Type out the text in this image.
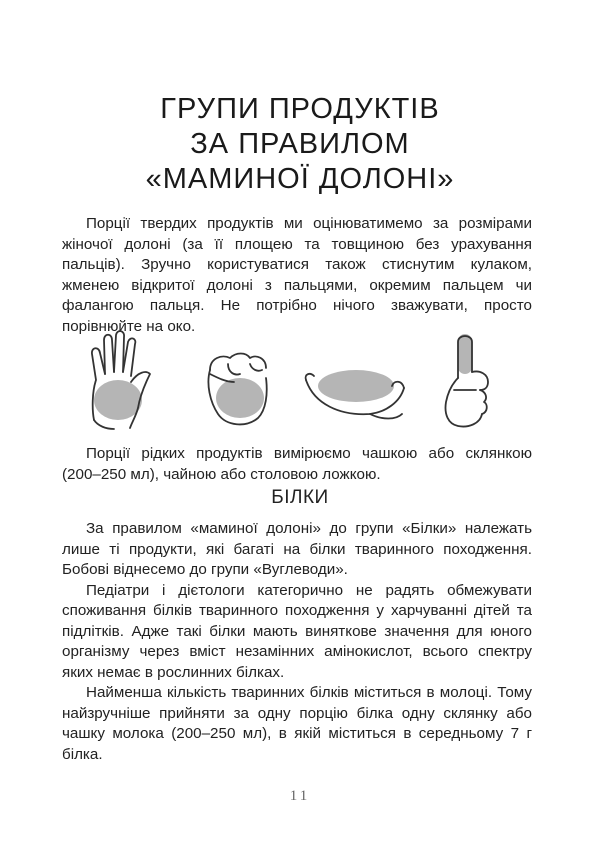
ГРУПИ ПРОДУКТІВ
ЗА ПРАВИЛОМ
«МАМИНОЇ ДОЛОНІ»

Порції твердих продуктів ми оцінюватимемо за розмірами жіночої долоні (за її площею та товщиною без урахування пальців). Зручно користуватися також стиснутим кулаком, жменею відкритої долоні з пальцями, окремим пальцем чи фалангою пальця. Не потрібно нічого зважувати, просто порівнюйте на око.

Порції рідких продуктів вимірюємо чашкою або склянкою (200–250 мл), чайною або столовою ложкою.

БІЛКИ

За правилом «маминої долоні» до групи «Білки» належать лише ті продукти, які багаті на білки тваринного походження. Бобові віднесемо до групи «Вуглеводи».

Педіатри і дієтологи категорично не радять обмежувати споживання білків тваринного походження у харчуванні дітей та підлітків. Адже такі білки мають виняткове значення для юного організму через вміст незамінних амінокислот, всього спектру яких немає в рослинних білках.

Найменша кількість тваринних білків міститься в молоці. Тому найзручніше прийняти за одну порцію білка одну склянку або чашку молока (200–250 мл), в якій міститься в середньому 7 г білка.

11
